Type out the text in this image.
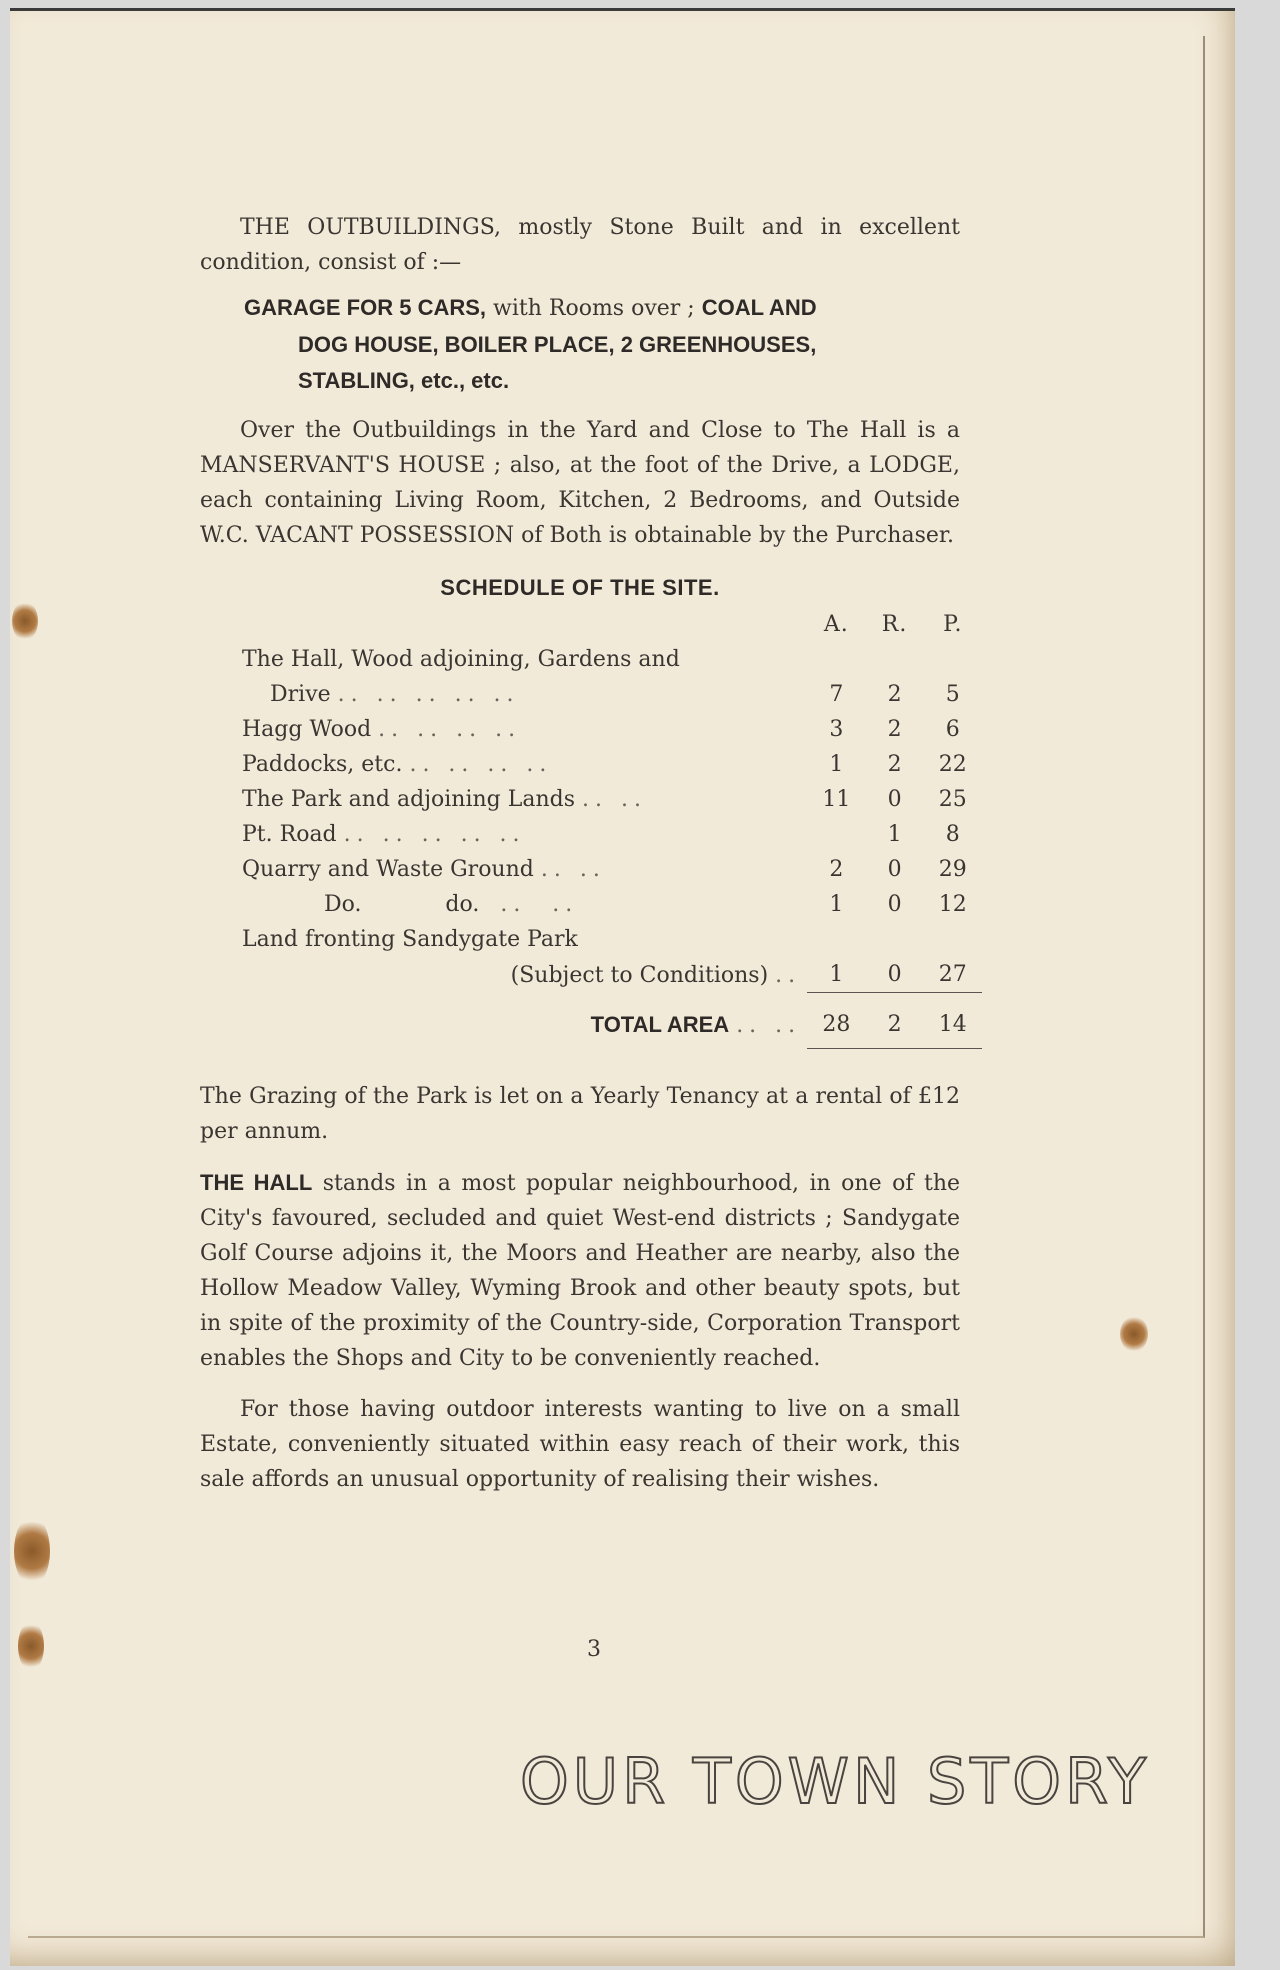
THE OUTBUILDINGS, mostly Stone Built and in excellent condition, consist of :—

GARAGE FOR 5 CARS, with Rooms over ; COAL AND
DOG HOUSE, BOILER PLACE, 2 GREENHOUSES,
STABLING, etc., etc.

Over the Outbuildings in the Yard and Close to The Hall is a MANSERVANT'S HOUSE ; also, at the foot of the Drive, a LODGE, each containing Living Room, Kitchen, 2 Bedrooms, and Outside W.C. VACANT POSSESSION of Both is obtainable by the Purchaser.

SCHEDULE OF THE SITE.
	A.	R.	P.
The Hall, Wood adjoining, Gardens and			
Drive .. .. .. .. ..	7	2	5
Hagg Wood .. .. .. ..	3	2	6
Paddocks, etc. .. .. .. ..	1	2	22
The Park and adjoining Lands .. ..	11	0	25
Pt. Road .. .. .. .. ..		1	8
Quarry and Waste Ground .. ..	2	0	29
Do.            do. ..  ..	1	0	12
Land fronting Sandygate Park			
(Subject to Conditions) ..	1	0	27
TOTAL AREA .. ..	28	2	14

The Grazing of the Park is let on a Yearly Tenancy at a rental of £12 per annum.

THE HALL stands in a most popular neighbourhood, in one of the City's favoured, secluded and quiet West-end districts ; Sandygate Golf Course adjoins it, the Moors and Heather are nearby, also the Hollow Meadow Valley, Wyming Brook and other beauty spots, but in spite of the proximity of the Country-side, Corporation Transport enables the Shops and City to be conveniently reached.

For those having outdoor interests wanting to live on a small Estate, conveniently situated within easy reach of their work, this sale affords an unusual opportunity of realising their wishes.

3
OUR TOWN STORY
